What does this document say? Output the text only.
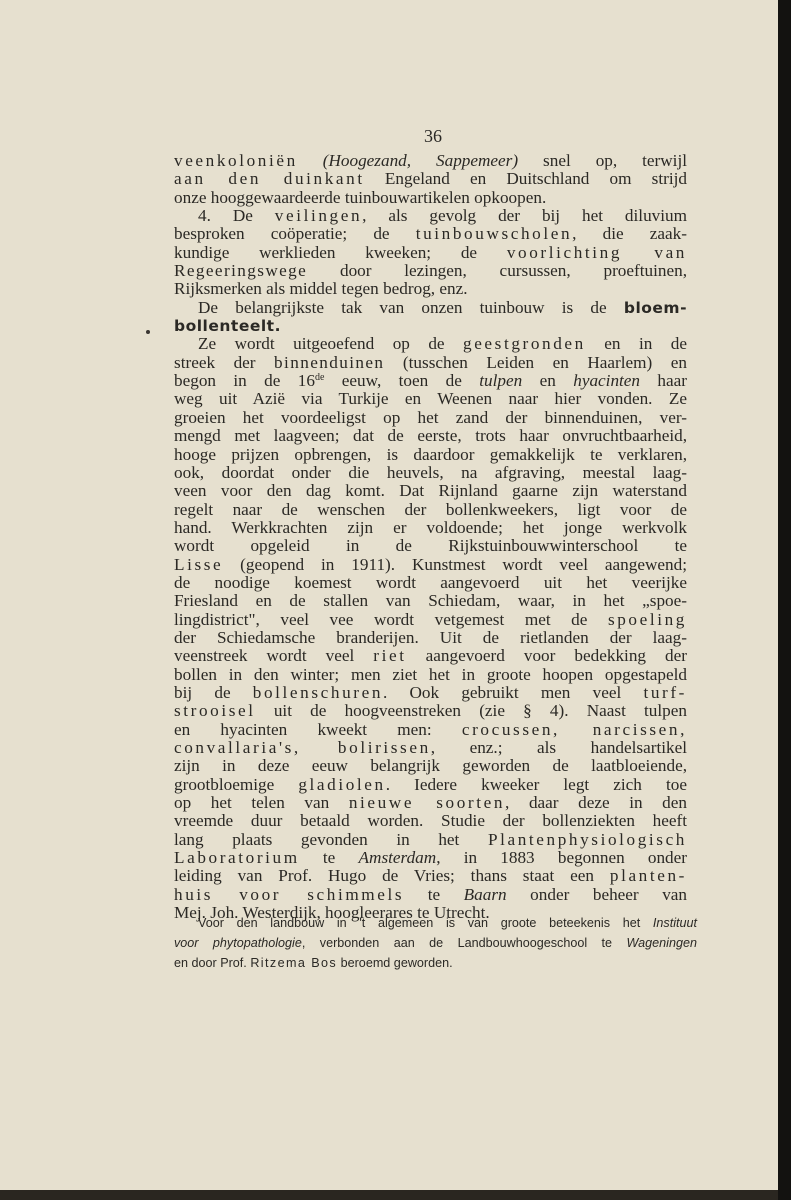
36
veenkoloniën (Hoogezand, Sappemeer) snel op, terwijl
aan den duinkant Engeland en Duitschland om strijd
onze hooggewaardeerde tuinbouwartikelen opkoopen.
4. De veilingen, als gevolg der bij het diluvium
besproken coöperatie; de tuinbouwscholen, die zaak-
kundige werklieden kweeken; de voorlichting van
Regeeringswege door lezingen, cursussen, proeftuinen,
Rijksmerken als middel tegen bedrog, enz.
De belangrijkste tak van onzen tuinbouw is de bloem-
bollenteelt.
Ze wordt uitgeoefend op de geestgronden en in de
streek der binnenduinen (tusschen Leiden en Haarlem) en
begon in de 16de eeuw, toen de tulpen en hyacinten haar
weg uit Azië via Turkije en Weenen naar hier vonden. Ze
groeien het voordeeligst op het zand der binnenduinen, ver-
mengd met laagveen; dat de eerste, trots haar onvruchtbaarheid,
hooge prijzen opbrengen, is daardoor gemakkelijk te verklaren,
ook, doordat onder die heuvels, na afgraving, meestal laag-
veen voor den dag komt. Dat Rijnland gaarne zijn waterstand
regelt naar de wenschen der bollenkweekers, ligt voor de
hand. Werkkrachten zijn er voldoende; het jonge werkvolk
wordt opgeleid in de Rijkstuinbouwwinterschool te
Lisse (geopend in 1911). Kunstmest wordt veel aangewend;
de noodige koemest wordt aangevoerd uit het veerijke
Friesland en de stallen van Schiedam, waar, in het „spoe-
lingdistrict", veel vee wordt vetgemest met de spoeling
der Schiedamsche branderijen. Uit de rietlanden der laag-
veenstreek wordt veel riet aangevoerd voor bedekking der
bollen in den winter; men ziet het in groote hoopen opgestapeld
bij de bollenschuren. Ook gebruikt men veel turf-
strooisel uit de hoogveenstreken (zie § 4). Naast tulpen
en hyacinten kweekt men: crocussen, narcissen,
convallaria's, bolirissen, enz.; als handelsartikel
zijn in deze eeuw belangrijk geworden de laatbloeiende,
grootbloemige gladiolen. Iedere kweeker legt zich toe
op het telen van nieuwe soorten, daar deze in den
vreemde duur betaald worden. Studie der bollenziekten heeft
lang plaats gevonden in het Plantenphysiologisch
Laboratorium te Amsterdam, in 1883 begonnen onder
leiding van Prof. Hugo de Vries; thans staat een planten-
huis voor schimmels te Baarn onder beheer van
Mej. Joh. Westerdijk, hoogleerares te Utrecht.
Voor den landbouw in 't algemeen is van groote beteekenis het Instituut
voor phytopathologie, verbonden aan de Landbouwhoogeschool te Wageningen
en door Prof. Ritzema Bos beroemd geworden.
